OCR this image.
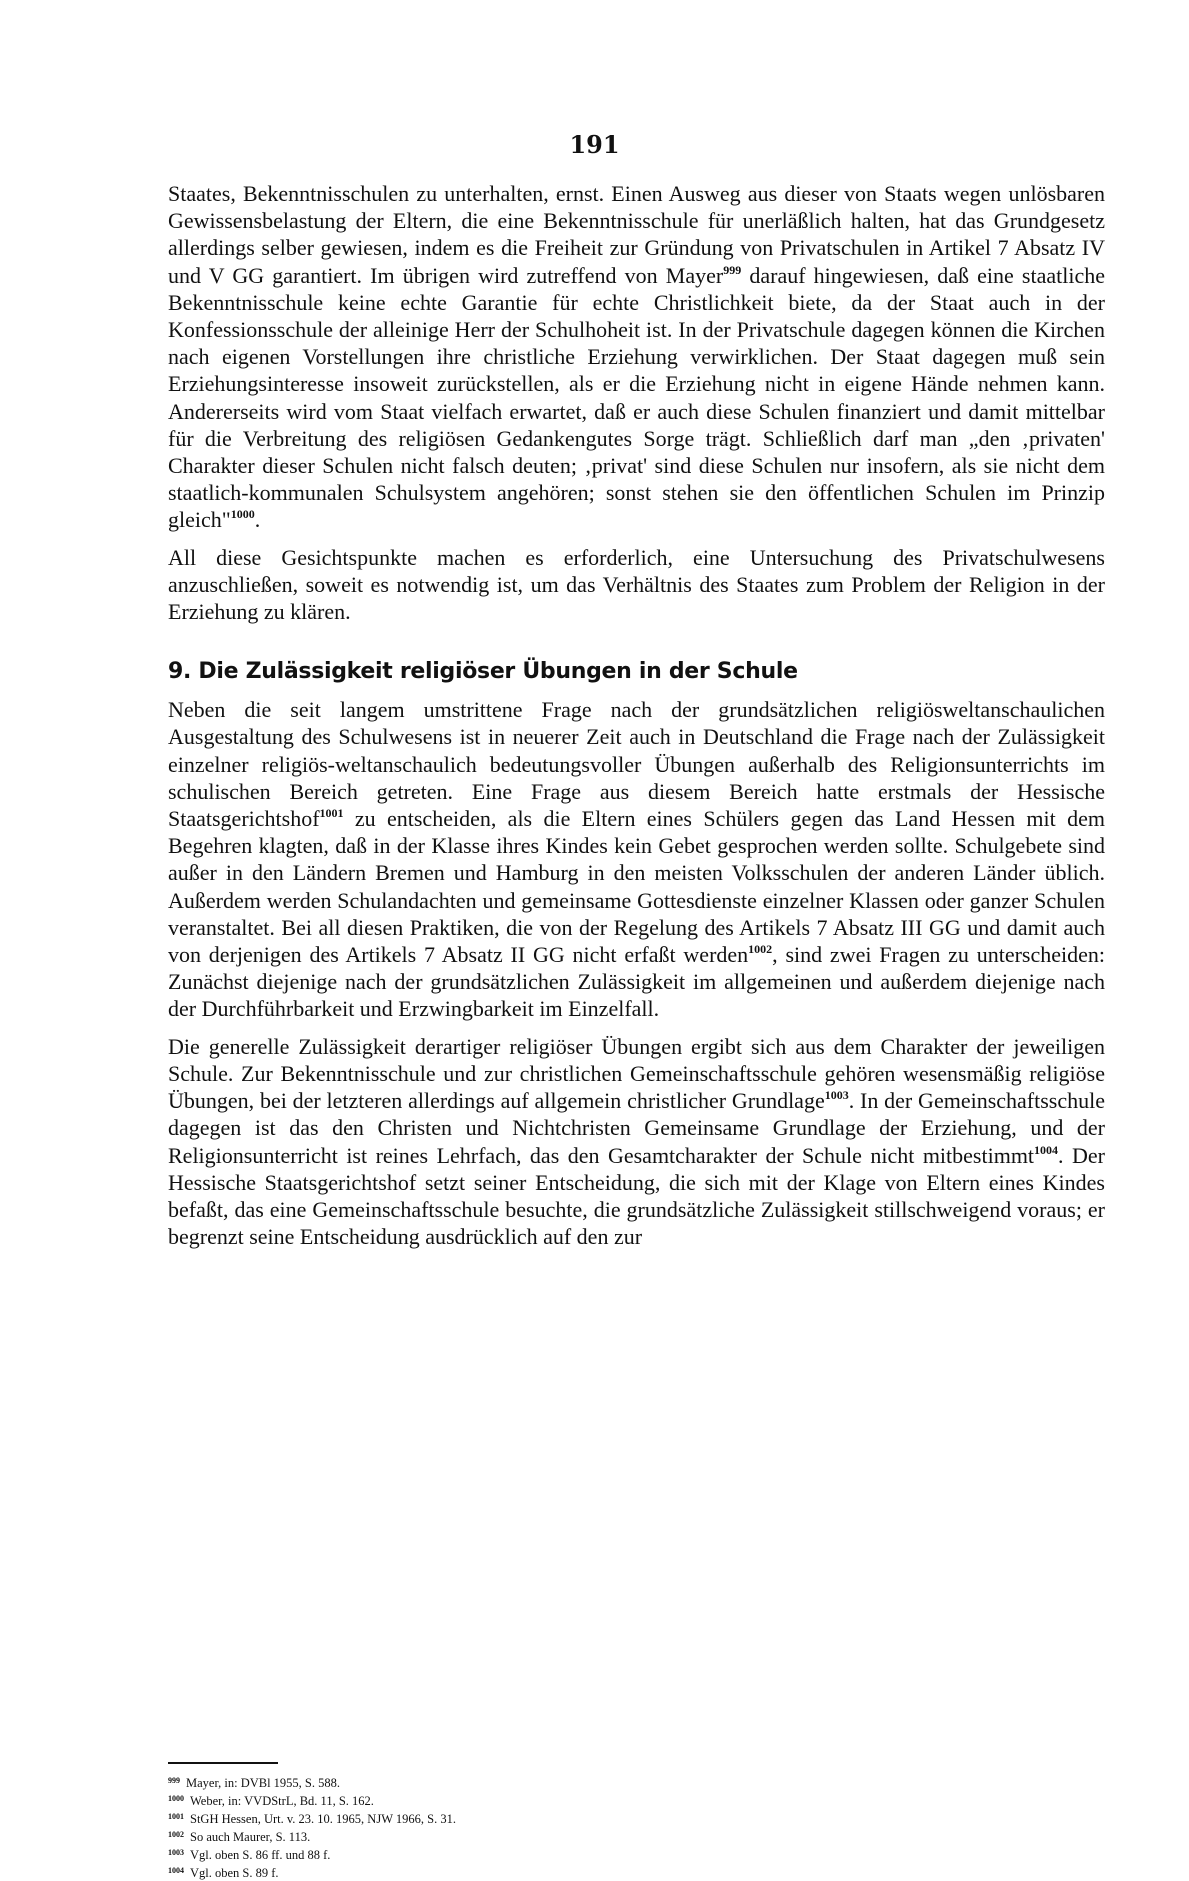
191

Staates, Bekenntnisschulen zu unterhalten, ernst. Einen Ausweg aus dieser von Staats wegen unlösbaren Gewissensbelastung der Eltern, die eine Bekenntnisschule für unerläßlich halten, hat das Grundgesetz allerdings selber gewiesen, indem es die Freiheit zur Gründung von Privatschulen in Artikel 7 Absatz IV und V GG garantiert. Im übrigen wird zutreffend von Mayer$^{999}$ darauf hingewiesen, daß eine staatliche Bekenntnisschule keine echte Garantie für echte Christlichkeit biete, da der Staat auch in der Konfessionsschule der alleinige Herr der Schulhoheit ist. In der Privatschule dagegen können die Kirchen nach eigenen Vorstellungen ihre christliche Erziehung verwirklichen. Der Staat dagegen muß sein Erziehungsinteresse insoweit zurückstellen, als er die Erziehung nicht in eigene Hände nehmen kann. Andererseits wird vom Staat vielfach erwartet, daß er auch diese Schulen finanziert und damit mittelbar für die Verbreitung des religiösen Gedankengutes Sorge trägt. Schließlich darf man „den ‚privaten' Charakter dieser Schulen nicht falsch deuten; ‚privat' sind diese Schulen nur insofern, als sie nicht dem staatlich-kommunalen Schulsystem angehören; sonst stehen sie den öffentlichen Schulen im Prinzip gleich"$^{1000}$.

All diese Gesichtspunkte machen es erforderlich, eine Untersuchung des Privatschulwesens anzuschließen, soweit es notwendig ist, um das Verhältnis des Staates zum Problem der Religion in der Erziehung zu klären.

9. Die Zulässigkeit religiöser Übungen in der Schule

Neben die seit langem umstrittene Frage nach der grundsätzlichen religiösweltanschaulichen Ausgestaltung des Schulwesens ist in neuerer Zeit auch in Deutschland die Frage nach der Zulässigkeit einzelner religiös-weltanschaulich bedeutungsvoller Übungen außerhalb des Religionsunterrichts im schulischen Bereich getreten. Eine Frage aus diesem Bereich hatte erstmals der Hessische Staatsgerichtshof$^{1001}$ zu entscheiden, als die Eltern eines Schülers gegen das Land Hessen mit dem Begehren klagten, daß in der Klasse ihres Kindes kein Gebet gesprochen werden sollte. Schulgebete sind außer in den Ländern Bremen und Hamburg in den meisten Volksschulen der anderen Länder üblich. Außerdem werden Schulandachten und gemeinsame Gottesdienste einzelner Klassen oder ganzer Schulen veranstaltet. Bei all diesen Praktiken, die von der Regelung des Artikels 7 Absatz III GG und damit auch von derjenigen des Artikels 7 Absatz II GG nicht erfaßt werden$^{1002}$, sind zwei Fragen zu unterscheiden: Zunächst diejenige nach der grundsätzlichen Zulässigkeit im allgemeinen und außerdem diejenige nach der Durchführbarkeit und Erzwingbarkeit im Einzelfall.

Die generelle Zulässigkeit derartiger religiöser Übungen ergibt sich aus dem Charakter der jeweiligen Schule. Zur Bekenntnisschule und zur christlichen Gemeinschaftsschule gehören wesensmäßig religiöse Übungen, bei der letzteren allerdings auf allgemein christlicher Grundlage$^{1003}$. In der Gemeinschaftsschule dagegen ist das den Christen und Nichtchristen Gemeinsame Grundlage der Erziehung, und der Religionsunterricht ist reines Lehrfach, das den Gesamtcharakter der Schule nicht mitbestimmt$^{1004}$. Der Hessische Staatsgerichtshof setzt seiner Entscheidung, die sich mit der Klage von Eltern eines Kindes befaßt, das eine Gemeinschaftsschule besuchte, die grundsätzliche Zulässigkeit stillschweigend voraus; er begrenzt seine Entscheidung ausdrücklich auf den zur

$^{999}$ Mayer, in: DVBl 1955, S. 588.
$^{1000}$ Weber, in: VVDStrL, Bd. 11, S. 162.
$^{1001}$ StGH Hessen, Urt. v. 23. 10. 1965, NJW 1966, S. 31.
$^{1002}$ So auch Maurer, S. 113.
$^{1003}$ Vgl. oben S. 86 ff. und 88 f.
$^{1004}$ Vgl. oben S. 89 f.
